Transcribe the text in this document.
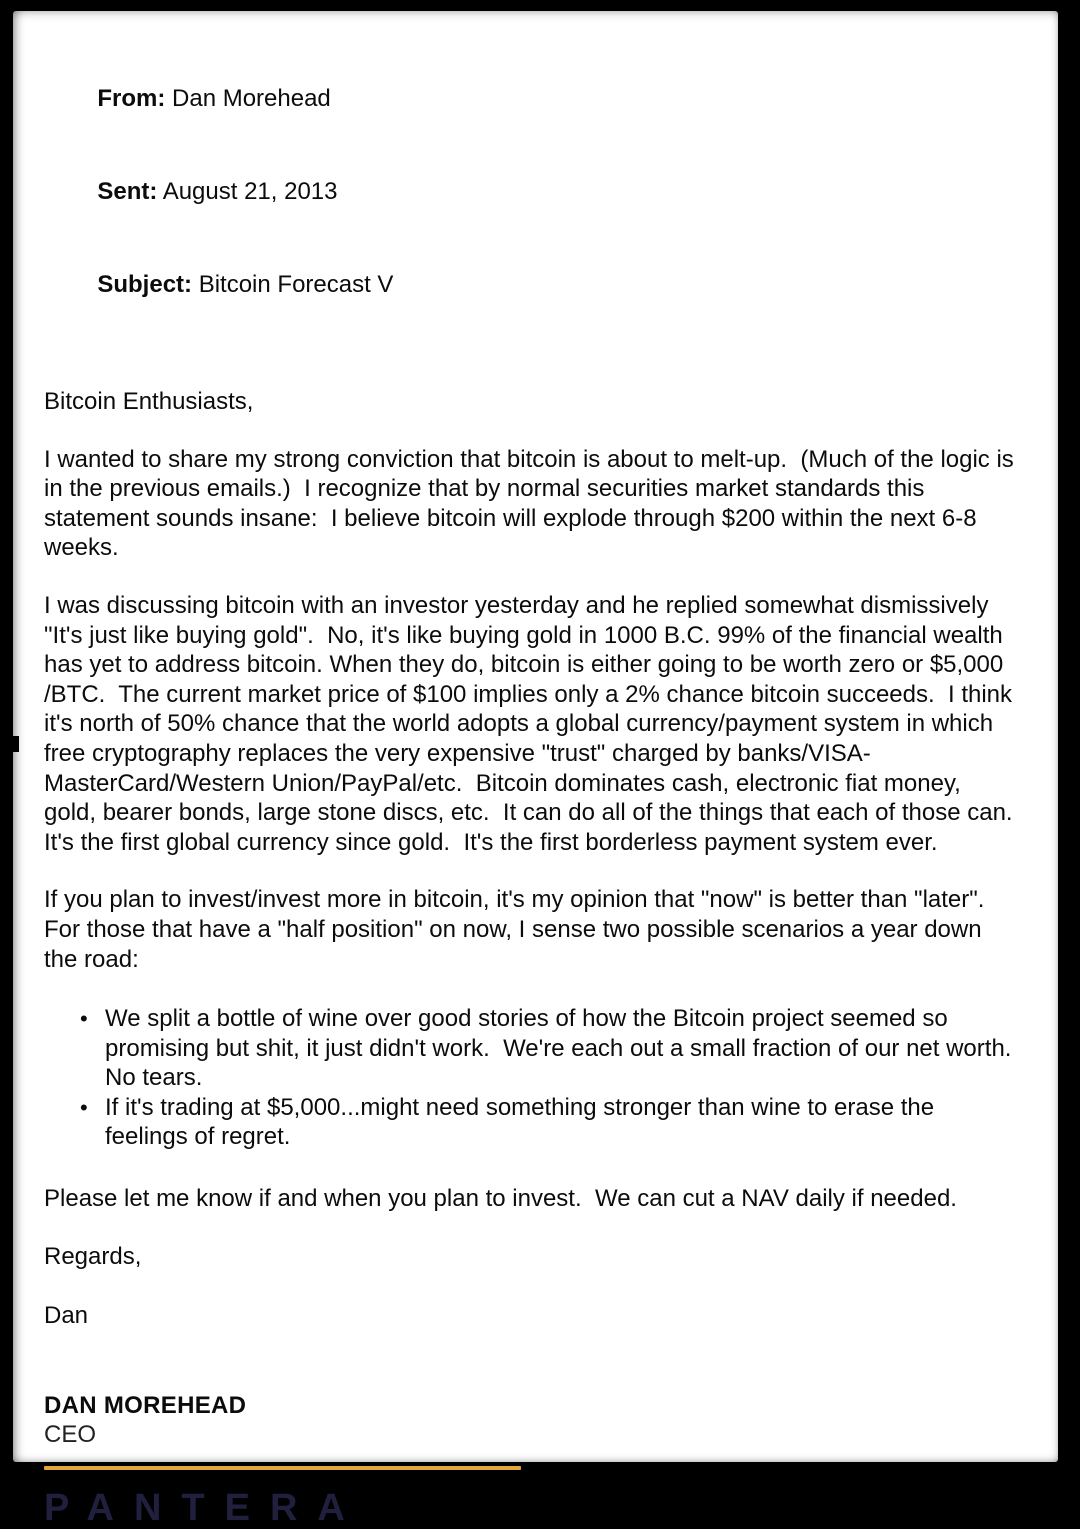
From: Dan Morehead

Sent: August 21, 2013

Subject: Bitcoin Forecast V

Bitcoin Enthusiasts,
I wanted to share my strong conviction that bitcoin is about to melt-up.  (Much of the logic is in the previous emails.)  I recognize that by normal securities market standards this statement sounds insane:  I believe bitcoin will explode through $200 within the next 6-8 weeks.
I was discussing bitcoin with an investor yesterday and he replied somewhat dismissively "It's just like buying gold".  No, it's like buying gold in 1000 B.C. 99% of the financial wealth has yet to address bitcoin. When they do, bitcoin is either going to be worth zero or $5,000 /BTC.  The current market price of $100 implies only a 2% chance bitcoin succeeds.  I think it's north of 50% chance that the world adopts a global currency/payment system in which free cryptography replaces the very expensive "trust" charged by banks/VISA-MasterCard/Western Union/PayPal/etc.  Bitcoin dominates cash, electronic fiat money, gold, bearer bonds, large stone discs, etc.  It can do all of the things that each of those can. It's the first global currency since gold.  It's the first borderless payment system ever.
If you plan to invest/invest more in bitcoin, it's my opinion that "now" is better than "later". For those that have a "half position" on now, I sense two possible scenarios a year down the road:
• We split a bottle of wine over good stories of how the Bitcoin project seemed so promising but shit, it just didn't work.  We're each out a small fraction of our net worth.  No tears.
• If it's trading at $5,000...might need something stronger than wine to erase the feelings of regret.
Please let me know if and when you plan to invest.  We can cut a NAV daily if needed.
Regards,
Dan
DAN MOREHEAD
CEO
PANTERA
